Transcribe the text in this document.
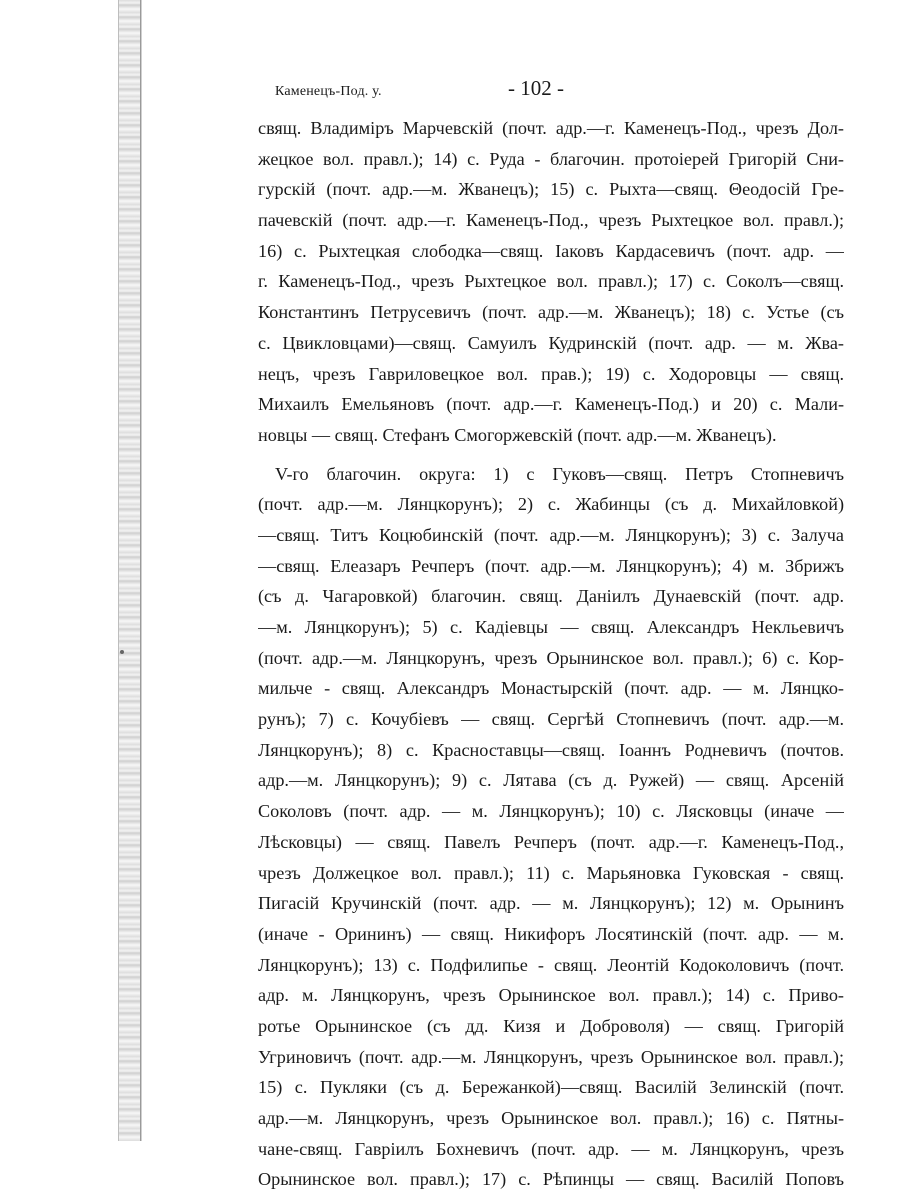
Каменецъ-Под. у.	- 102 -
свящ. Владиміръ Марчевскій (почт. адр.—г. Каменецъ-Под., чрезъ Дол-
жецкое вол. правл.); 14) с. Руда - благочин. протоіерей Григорій Сни-
гурскій (почт. адр.—м. Жванецъ); 15) с. Рыхта—свящ. Θеодосій Гре-
пачевскій (почт. адр.—г. Каменецъ-Под., чрезъ Рыхтецкое вол. правл.);
16) с. Рыхтецкая слободка—свящ. Іаковъ Кардасевичъ (почт. адр. —
г. Каменецъ-Под., чрезъ Рыхтецкое вол. правл.); 17) с. Соколъ—свящ.
Константинъ Петрусевичъ (почт. адр.—м. Жванецъ); 18) с. Устье (съ
с. Цвикловцами)—свящ. Самуилъ Кудринскій (почт. адр. — м. Жва-
нецъ, чрезъ Гавриловецкое вол. прав.); 19) с. Ходоровцы — свящ.
Михаилъ Емельяновъ (почт. адр.—г. Каменецъ-Под.) и 20) с. Мали-
новцы — свящ. Стефанъ Смогоржевскій (почт. адр.—м. Жванецъ).
V-го благочин. округа: 1) с Гуковъ—свящ. Петръ Стопневичъ
(почт. адр.—м. Лянцкорунъ); 2) с. Жабинцы (съ д. Михайловкой)
—свящ. Титъ Коцюбинскій (почт. адр.—м. Лянцкорунъ); 3) с. Залуча
—свящ. Елеазаръ Речперъ (почт. адр.—м. Лянцкорунъ); 4) м. Збрижъ
(съ д. Чагаровкой) благочин. свящ. Даніилъ Дунаевскій (почт. адр.
—м. Лянцкорунъ); 5) с. Кадіевцы — свящ. Александръ Некльевичъ
(почт. адр.—м. Лянцкорунъ, чрезъ Орынинское вол. правл.); 6) с. Кор-
мильче - свящ. Александръ Монастырскій (почт. адр. — м. Лянцко-
рунъ); 7) с. Кочубіевъ — свящ. Сергѣй Стопневичъ (почт. адр.—м.
Лянцкорунъ); 8) с. Красноставцы—свящ. Іоаннъ Родневичъ (почтов.
адр.—м. Лянцкорунъ); 9) с. Лятава (съ д. Ружей) — свящ. Арсеній
Соколовъ (почт. адр. — м. Лянцкорунъ); 10) с. Лясковцы (иначе —
Лѣсковцы) — свящ. Павелъ Речперъ (почт. адр.—г. Каменецъ-Под.,
чрезъ Должецкое вол. правл.); 11) с. Марьяновка Гуковская - свящ.
Пигасій Кручинскій (почт. адр. — м. Лянцкорунъ); 12) м. Орынинъ
(иначе - Орининъ) — свящ. Никифоръ Лосятинскій (почт. адр. — м.
Лянцкорунъ); 13) с. Подфилипье - свящ. Леонтій Кодоколовичъ (почт.
адр. м. Лянцкорунъ, чрезъ Орынинское вол. правл.); 14) с. Приво-
ротье Орынинское (съ дд. Кизя и Доброволя) — свящ. Григорій
Угриновичъ (почт. адр.—м. Лянцкорунъ, чрезъ Орынинское вол. правл.);
15) с. Пукляки (съ д. Бережанкой)—свящ. Василій Зелинскій (почт.
адр.—м. Лянцкорунъ, чрезъ Орынинское вол. правл.); 16) с. Пятны-
чане-свящ. Гавріилъ Бохневичъ (почт. адр. — м. Лянцкорунъ, чрезъ
Орынинское вол. правл.); 17) с. Рѣпинцы — свящ. Василій Поповъ
